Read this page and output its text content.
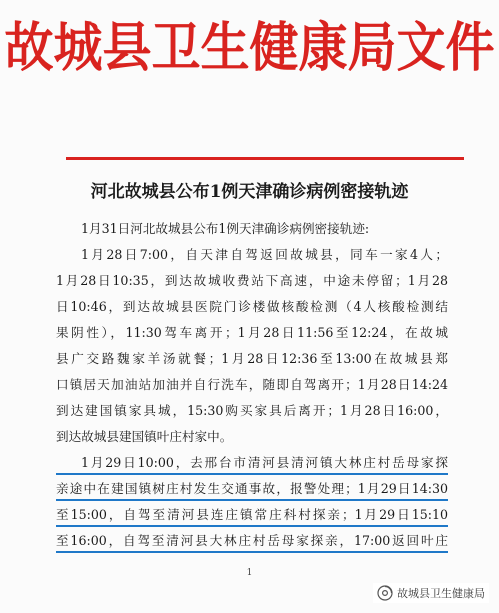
故城县卫生健康局文件
河北故城县公布1例天津确诊病例密接轨迹
1月31日河北故城县公布1例天津确诊病例密接轨迹:
1月28日7:00，自天津自驾返回故城县，同车一家4人；
1月28日10:35，到达故城收费站下高速，中途未停留；1月28
日10:46，到达故城县医院门诊楼做核酸检测（4人核酸检测结
果阴性），11:30驾车离开；1月28日11:56至12:24，在故城
县广交路魏家羊汤就餐；1月28日12:36至13:00在故城县郑
口镇居天加油站加油并自行洗车，随即自驾离开；1月28日14:24
到达建国镇家具城，15:30购买家具后离开；1月28日16:00，
到达故城县建国镇叶庄村家中。
1月29日10:00，去邢台市清河县清河镇大林庄村岳母家探
亲途中在建国镇树庄村发生交通事故，报警处理；1月29日14:30
至15:00，自驾至清河县连庄镇常庄科村探亲；1月29日15:10
至16:00，自驾至清河县大林庄村岳母家探亲，17:00返回叶庄
1
故城县卫生健康局
